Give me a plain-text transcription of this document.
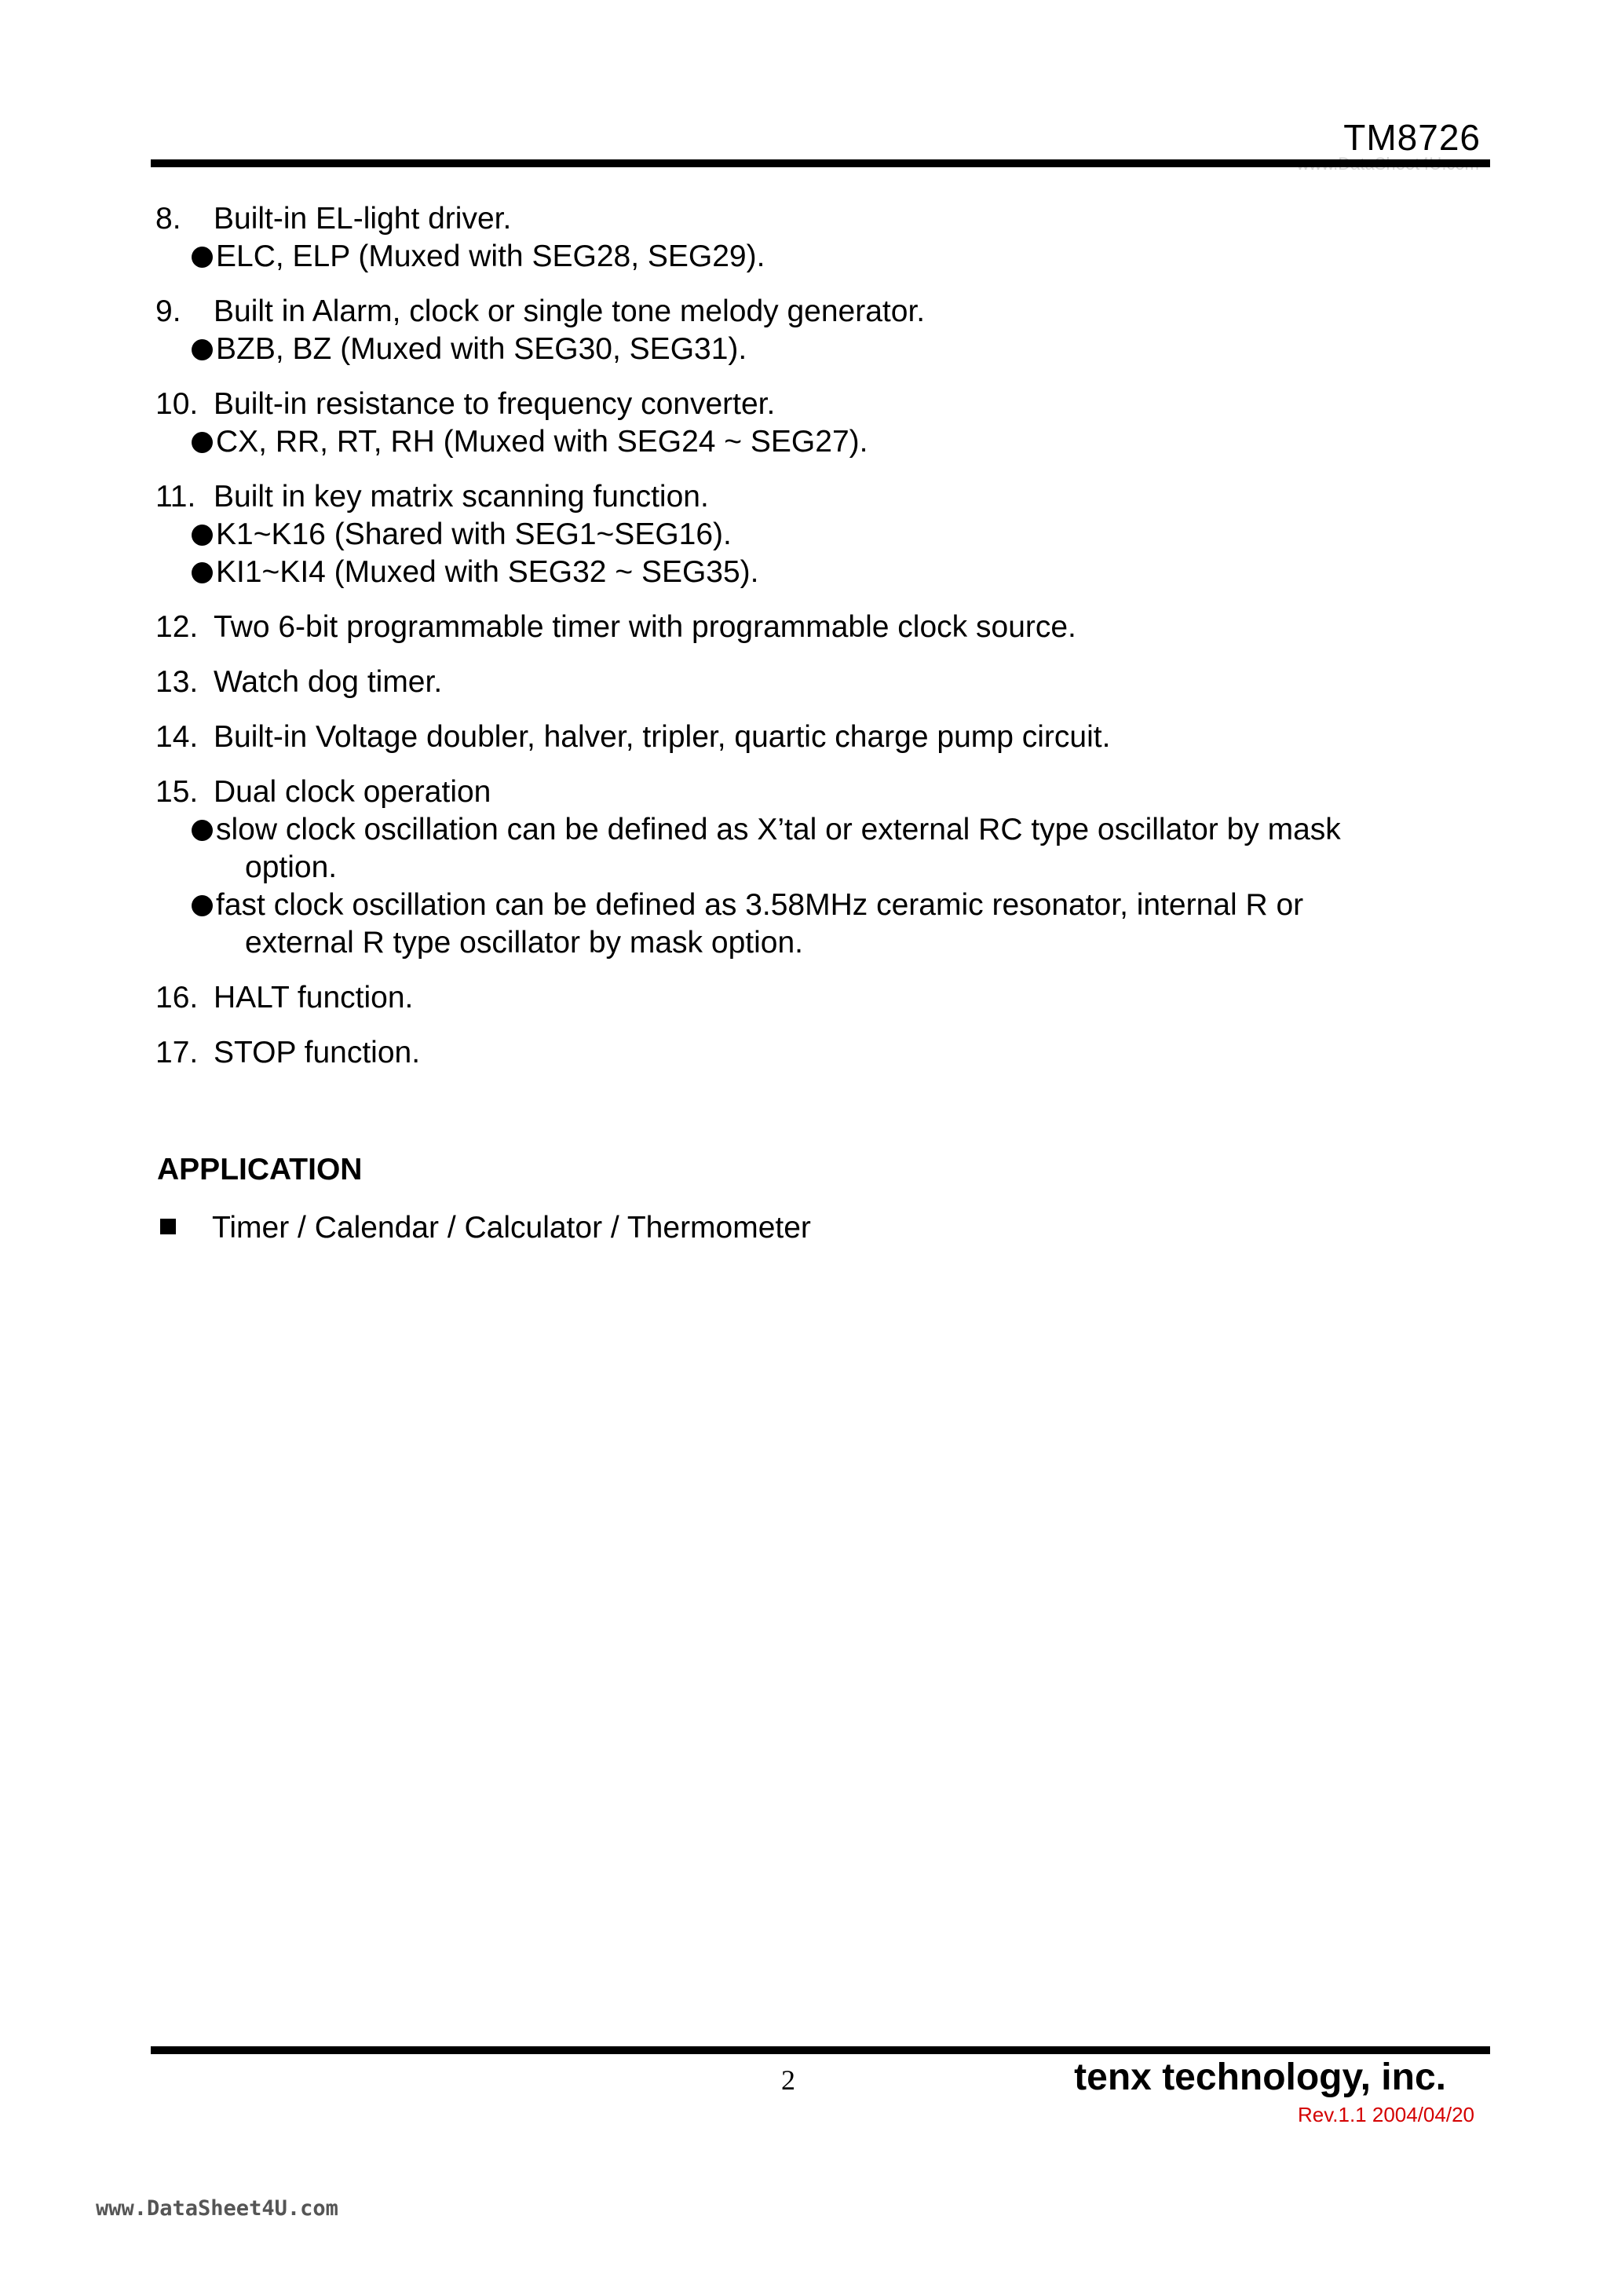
TM8726
8. Built-in EL-light driver.
ELC, ELP (Muxed with SEG28, SEG29).
9. Built in Alarm, clock or single tone melody generator.
BZB, BZ (Muxed with SEG30, SEG31).
10. Built-in resistance to frequency converter.
CX, RR, RT, RH (Muxed with SEG24 ~ SEG27).
11. Built in key matrix scanning function.
K1~K16 (Shared with SEG1~SEG16).
KI1~KI4 (Muxed with SEG32 ~ SEG35).
12. Two 6-bit programmable timer with programmable clock source.
13. Watch dog timer.
14. Built-in Voltage doubler, halver, tripler, quartic charge pump circuit.
15. Dual clock operation
slow clock oscillation can be defined as X’tal or external RC type oscillator by mask
option.
fast clock oscillation can be defined as 3.58MHz ceramic resonator, internal R or
external R type oscillator by mask option.
16. HALT function.
17. STOP function.
APPLICATION
Timer / Calendar / Calculator / Thermometer
2	tenx technology, inc.
Rev.1.1 2004/04/20
www.DataSheet4U.com
